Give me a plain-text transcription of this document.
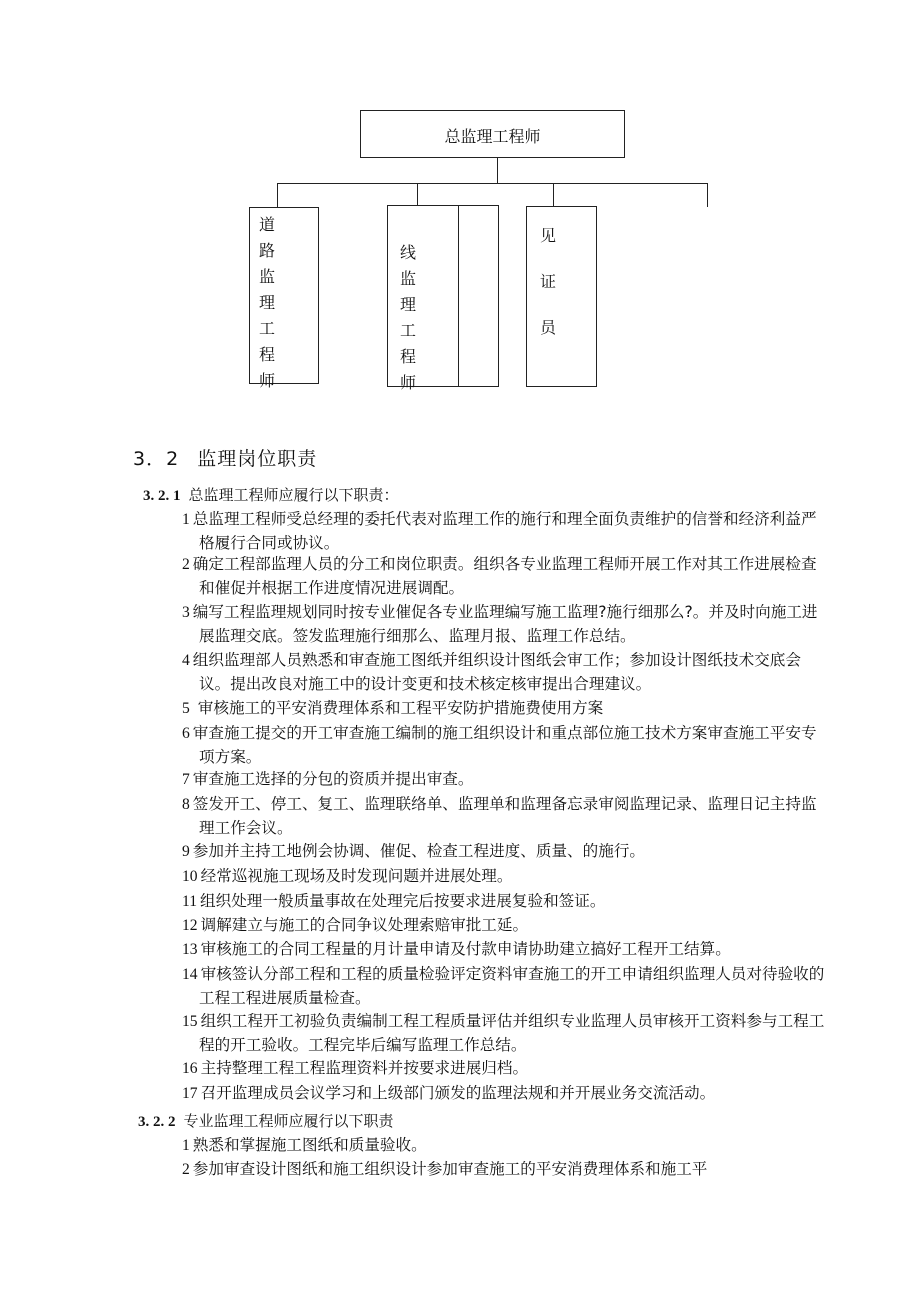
总监理工程师
道路监理工程师
线监理工程师
见证员
3．2 监理岗位职责
3. 2. 1 总监理工程师应履行以下职责：
1 总监理工程师受总经理的委托代表对监理工作的施行和理全面负责维护的信誉和经济利益严格履行合同或协议。
2 确定工程部监理人员的分工和岗位职责。组织各专业监理工程师开展工作对其工作进展检查和催促并根据工作进度情况进展调配。
3 编写工程监理规划同时按专业催促各专业监理编写施工监理?施行细那么?。并及时向施工进展监理交底。签发监理施行细那么、监理月报、监理工作总结。
4 组织监理部人员熟悉和审查施工图纸并组织设计图纸会审工作；参加设计图纸技术交底会议。提出改良对施工中的设计变更和技术核定核审提出合理建议。
5 审核施工的平安消费理体系和工程平安防护措施费使用方案
6 审查施工提交的开工审查施工编制的施工组织设计和重点部位施工技术方案审查施工平安专项方案。
7 审查施工选择的分包的资质并提出审查。
8 签发开工、停工、复工、监理联络单、监理单和监理备忘录审阅监理记录、监理日记主持监理工作会议。
9 参加并主持工地例会协调、催促、检查工程进度、质量、的施行。
10 经常巡视施工现场及时发现问题并进展处理。
11 组织处理一般质量事故在处理完后按要求进展复验和签证。
12 调解建立与施工的合同争议处理索赔审批工延。
13 审核施工的合同工程量的月计量申请及付款申请协助建立搞好工程开工结算。
14 审核签认分部工程和工程的质量检验评定资料审查施工的开工申请组织监理人员对待验收的工程工程进展质量检查。
15 组织工程开工初验负责编制工程工程质量评估并组织专业监理人员审核开工资料参与工程工程的开工验收。工程完毕后编写监理工作总结。
16 主持整理工程工程监理资料并按要求进展归档。
17 召开监理成员会议学习和上级部门颁发的监理法规和并开展业务交流活动。
3. 2. 2 专业监理工程师应履行以下职责
1 熟悉和掌握施工图纸和质量验收。
2 参加审查设计图纸和施工组织设计参加审查施工的平安消费理体系和施工平
